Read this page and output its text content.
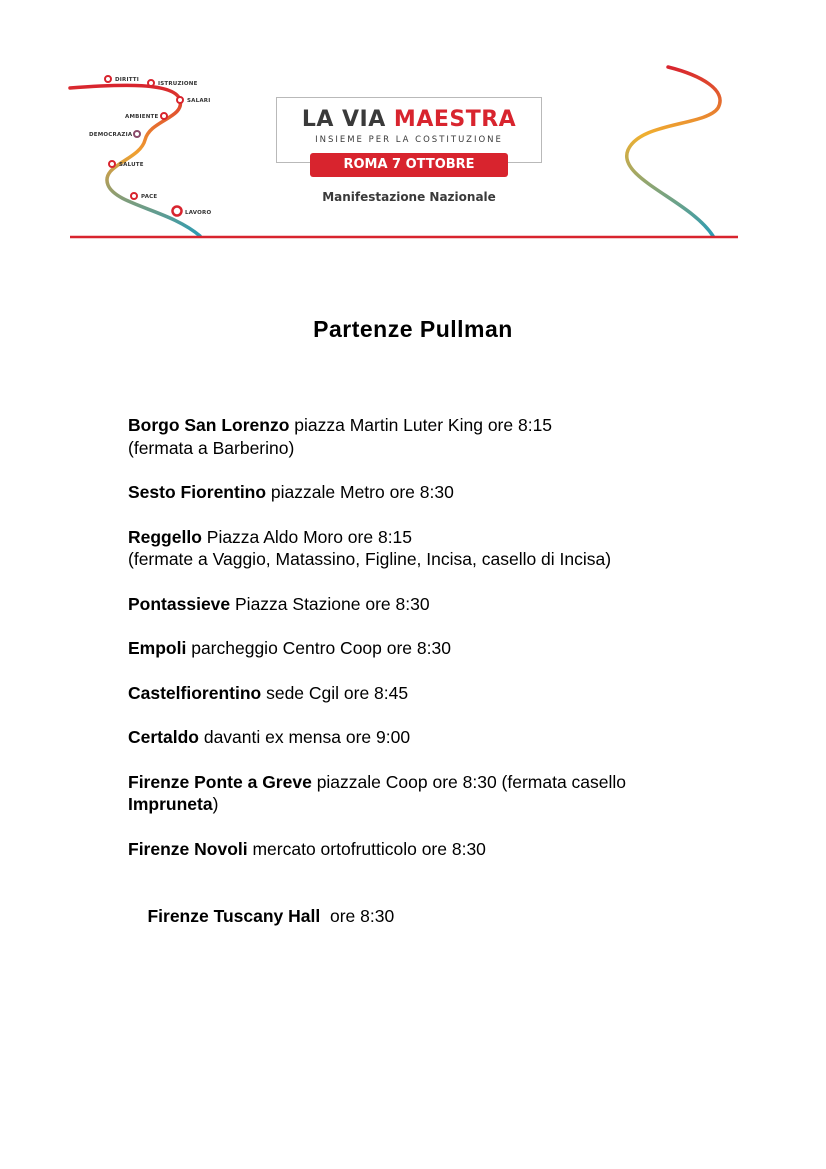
DIRITTI
ISTRUZIONE
SALARI
AMBIENTE
DEMOCRAZIA
SALUTE
PACE
LAVORO
LA VIA MAESTRA
INSIEME PER LA COSTITUZIONE
ROMA 7 OTTOBRE
Manifestazione Nazionale
Partenze Pullman
Borgo San Lorenzo piazza Martin Luter King ore 8:15
(fermata a Barberino)
Sesto Fiorentino piazzale Metro ore 8:30
Reggello Piazza Aldo Moro ore 8:15
(fermate a Vaggio, Matassino, Figline, Incisa, casello di Incisa)
Pontassieve Piazza Stazione ore 8:30
Empoli parcheggio Centro Coop ore 8:30
Castelfiorentino sede Cgil ore 8:45
Certaldo davanti ex mensa ore 9:00
Firenze Ponte a Greve piazzale Coop ore 8:30 (fermata casello
Impruneta)
Firenze Novoli mercato ortofrutticolo ore 8:30

Firenze Tuscany Hall  ore 8:30
